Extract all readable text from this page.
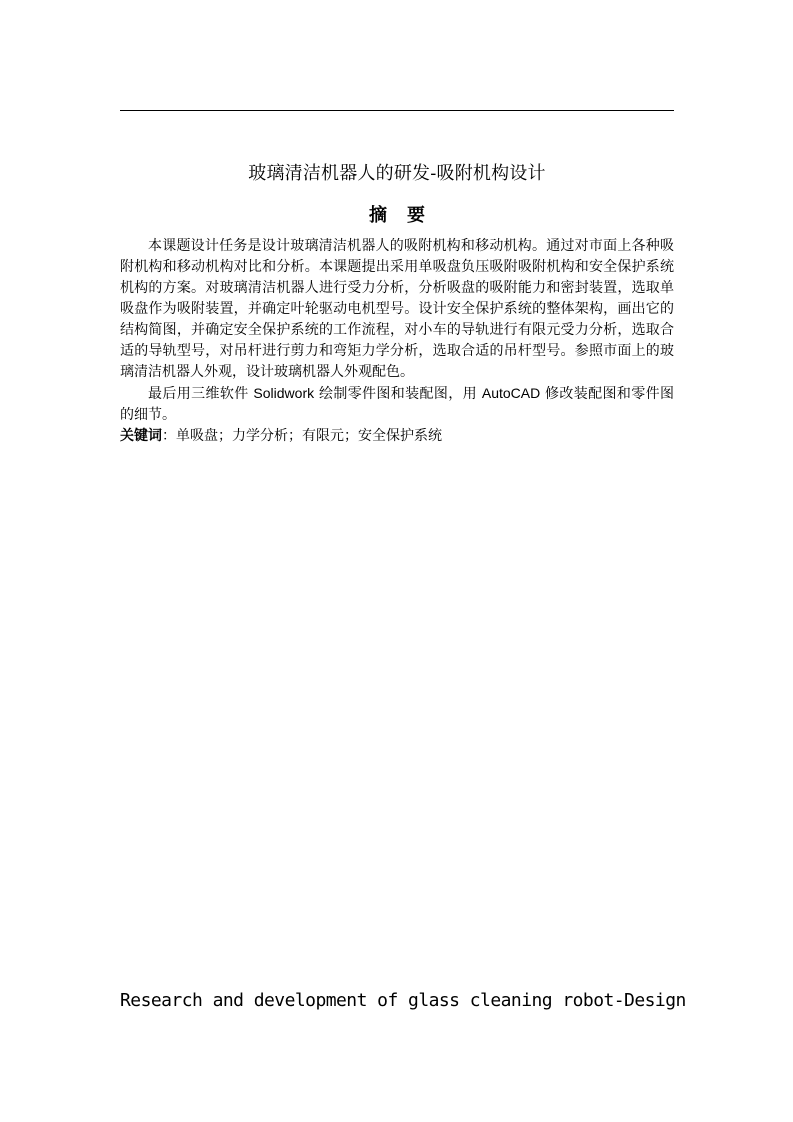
玻璃清洁机器人的研发-吸附机构设计
摘 要

本课题设计任务是设计玻璃清洁机器人的吸附机构和移动机构。通过对市面上各种吸附机构和移动机构对比和分析。本课题提出采用单吸盘负压吸附吸附机构和安全保护系统机构的方案。对玻璃清洁机器人进行受力分析，分析吸盘的吸附能力和密封装置，选取单吸盘作为吸附装置，并确定叶轮驱动电机型号。设计安全保护系统的整体架构，画出它的结构简图，并确定安全保护系统的工作流程，对小车的导轨进行有限元受力分析，选取合适的导轨型号，对吊杆进行剪力和弯矩力学分析，选取合适的吊杆型号。参照市面上的玻璃清洁机器人外观，设计玻璃机器人外观配色。

最后用三维软件 Solidwork 绘制零件图和装配图，用 AutoCAD 修改装配图和零件图的细节。

关键词：单吸盘；力学分析；有限元；安全保护系统

Research and development of glass cleaning robot-Design
